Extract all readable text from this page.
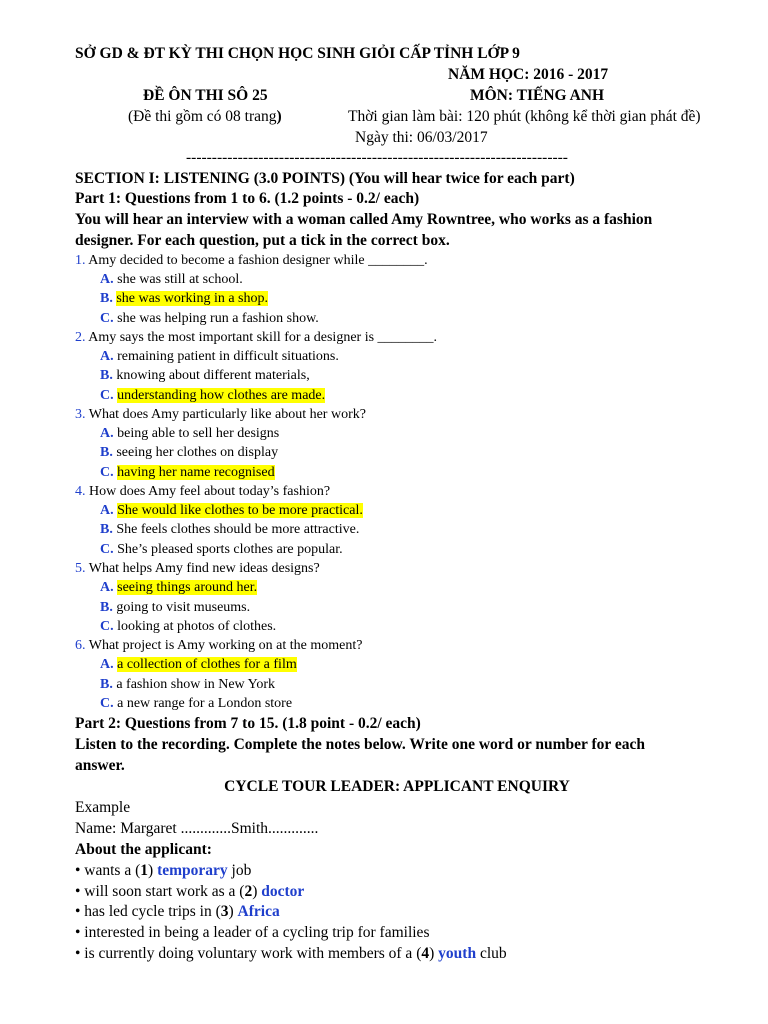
SỞ GD & ĐT KỲ THI CHỌN HỌC SINH GIỎI CẤP TỈNH LỚP 9
NĂM HỌC: 2016 - 2017
ĐỀ ÔN THI SÔ 25	MÔN: TIẾNG ANH
(Đề thi gồm có 08 trang)	Thời gian làm bài: 120 phút (không kể thời gian phát đề)
Ngày thi: 06/03/2017
--------------------------------------------------------------------------
SECTION I: LISTENING (3.0 POINTS) (You will hear twice for each part)
Part 1: Questions from 1 to 6. (1.2 points - 0.2/ each)
You will hear an interview with a woman called Amy Rowntree, who works as a fashion
designer. For each question, put a tick in the correct box.
1. Amy decided to become a fashion designer while ________.
A. she was still at school.
B. she was working in a shop.
C. she was helping run a fashion show.
2. Amy says the most important skill for a designer is ________.
A. remaining patient in difficult situations.
B. knowing about different materials,
C. understanding how clothes are made.
3. What does Amy particularly like about her work?
A. being able to sell her designs
B. seeing her clothes on display
C. having her name recognised
4. How does Amy feel about today’s fashion?
A. She would like clothes to be more practical.
B. She feels clothes should be more attractive.
C. She’s pleased sports clothes are popular.
5. What helps Amy find new ideas designs?
A. seeing things around her.
B. going to visit museums.
C. looking at photos of clothes.
6. What project is Amy working on at the moment?
A. a collection of clothes for a film
B. a fashion show in New York
C. a new range for a London store
Part 2: Questions from 7 to 15. (1.8 point - 0.2/ each)
Listen to the recording. Complete the notes below. Write one word or number for each
answer.
CYCLE TOUR LEADER: APPLICANT ENQUIRY
Example
Name: Margaret .............Smith.............
About the applicant:
• wants a (1) temporary job
• will soon start work as a (2) doctor
• has led cycle trips in (3) Africa
• interested in being a leader of a cycling trip for families
• is currently doing voluntary work with members of a (4) youth club
